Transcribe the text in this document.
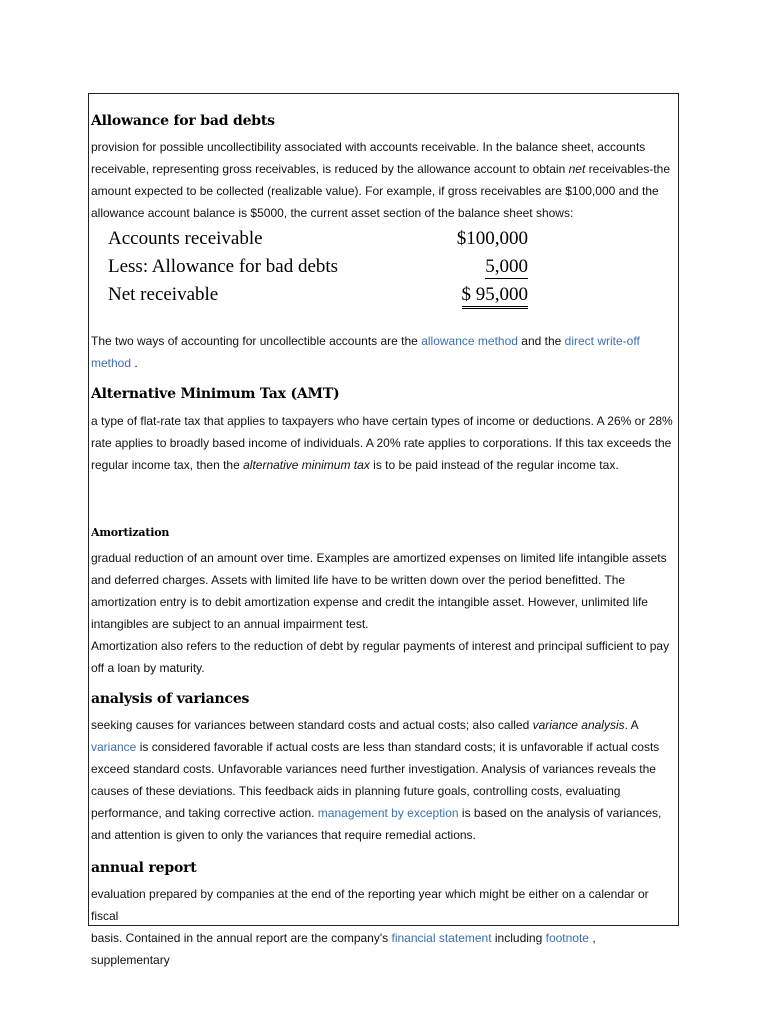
Allowance for bad debts
provision for possible uncollectibility associated with accounts receivable. In the balance sheet, accounts
receivable, representing gross receivables, is reduced by the allowance account to obtain net receivables-the
amount expected to be collected (realizable value). For example, if gross receivables are $100,000 and the
allowance account balance is $5000, the current asset section of the balance sheet shows:
Accounts receivable	$100,000
Less: Allowance for bad debts	5,000
Net receivable	$ 95,000
The two ways of accounting for uncollectible accounts are the allowance method and the direct write-off
method .
Alternative Minimum Tax (AMT)
a type of flat-rate tax that applies to taxpayers who have certain types of income or deductions. A 26% or 28%
rate applies to broadly based income of individuals. A 20% rate applies to corporations. If this tax exceeds the
regular income tax, then the alternative minimum tax is to be paid instead of the regular income tax.
Amortization
gradual reduction of an amount over time. Examples are amortized expenses on limited life intangible assets
and deferred charges. Assets with limited life have to be written down over the period benefitted. The
amortization entry is to debit amortization expense and credit the intangible asset. However, unlimited life
intangibles are subject to an annual impairment test.
Amortization also refers to the reduction of debt by regular payments of interest and principal sufficient to pay
off a loan by maturity.
analysis of variances
seeking causes for variances between standard costs and actual costs; also called variance analysis. A
variance is considered favorable if actual costs are less than standard costs; it is unfavorable if actual costs
exceed standard costs. Unfavorable variances need further investigation. Analysis of variances reveals the
causes of these deviations. This feedback aids in planning future goals, controlling costs, evaluating
performance, and taking corrective action. management by exception is based on the analysis of variances,
and attention is given to only the variances that require remedial actions.
annual report
evaluation prepared by companies at the end of the reporting year which might be either on a calendar or fiscal
basis. Contained in the annual report are the company's financial statement including footnote , supplementary
